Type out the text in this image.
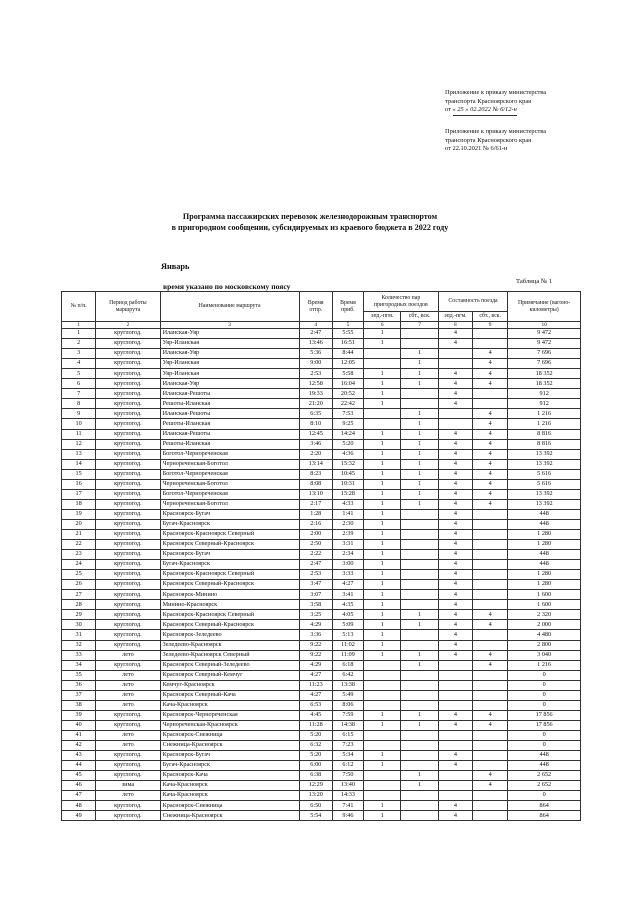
Приложение к приказу министерства
транспорта Красноярского края
от « 25 » 02.2022 № 6/12-н
Приложение к приказу министерства
транспорта Красноярского края
от 22.10.2021 № 6/61-н
Программа пассажирских перевозок железнодорожным транспортом
в пригородном сообщении, субсидируемых из краевого бюджета в 2022 году
Январь
Таблица № 1
время указано по московскому поясу
№ п/п.	Период работы маршрута	Наименование маршрута	Время отпр.	Время приб.	Количество пар пригородных поездов		Составность поезда		Примечание (вагоно-километры)
					эпд.-пгм.	сбт., вск.	эпд.-пгм.	сбт., вск.	
1	2	3	4	5	6	7	8	9	10
1	круглогод.	Иланская-Уяр	2:47	5:55	1		4		9 472
2	круглогод.	Уяр-Иланская	13:46	16:51	1		4		9 472
3	круглогод.	Иланская-Уяр	5:36	8:44		1		4	7 696
4	круглогод.	Уяр-Иланская	9:00	12:05		1		4	7 696
5	круглогод.	Уяр-Иланская	2:53	5:58	1	1	4	4	18 352
6	круглогод.	Иланская-Уяр	12:58	16:04	1	1	4	4	18 352
7	круглогод.	Иланская-Решоты	19:33	20:52	1		4		912
8	круглогод.	Решоты-Иланская	21:20	22:42	1		4		912
9	круглогод.	Иланская-Решоты	6:35	7:53		1		4	1 216
10	круглогод.	Решоты-Иланская	8:10	9:25		1		4	1 216
11	круглогод.	Иланская-Решоты	12:45	14:24	1	1	4	4	8 816
12	круглогод.	Решоты-Иланская	3:46	5:20	1	1	4	4	8 816
13	круглогод.	Боготол-Чернореченская	2:20	4:36	1	1	4	4	13 392
14	круглогод.	Чернореченская-Боготол	13:14	15:32	1	1	4	4	13 392
15	круглогод.	Боготол-Чернореченская	8:23	10:45	1	1	4	4	5 616
16	круглогод.	Чернореченская-Боготол	8:08	10:31	1	1	4	4	5 616
17	круглогод.	Боготол-Чернореченская	13:10	15:28	1	1	4	4	13 392
18	круглогод.	Чернореченская-Боготол	2:17	4:33	1	1	4	4	13 392
19	круглогод.	Красноярск-Бугач	1:28	1:41	1		4		448
20	круглогод.	Бугач-Красноярск	2:16	2:30	1		4		448
21	круглогод.	Красноярск-Красноярск Северный	2:00	2:39	1		4		1 280
22	круглогод.	Красноярск Северный-Красноярск	2:50	3:31	1		4		1 280
23	круглогод.	Красноярск-Бугач	2:22	2:34	1		4		448
24	круглогод.	Бугач-Красноярск	2:47	3:00	1		4		448
25	круглогод.	Красноярск-Красноярск Северный	2:53	3:33	1		4		1 280
26	круглогод.	Красноярск Северный-Красноярск	3:47	4:27	1		4		1 280
27	круглогод.	Красноярск-Минино	3:07	3:41	1		4		1 600
28	круглогод.	Минино-Красноярск	3:58	4:35	1		4		1 600
29	круглогод.	Красноярск-Красноярск Северный	3:25	4:05	1	1	4	4	2 320
30	круглогод.	Красноярск Северный-Красноярск	4:29	5:09	1	1	4	4	2 000
31	круглогод.	Красноярск-Зеледеево	3:36	5:13	1		4		4 480
32	круглогод.	Зеледеево-Красноярск	9:22	11:02	1		4		2 800
33	лето	Зеледеево-Красноярск Северный	9:22	11:09	1	1	4	4	3 040
34	круглогод.	Красноярск Северный-Зеледеево	4:29	6:18		1		4	1 216
35	лето	Красноярск Северный-Кемчуг	4:27	6:42					0
36	лето	Кемчуг-Красноярск	11:23	13:38					0
37	лето	Красноярск Северный-Кача	4:27	5:49					0
38	лето	Кача-Красноярск	6:53	8:06					0
39	круглогод.	Красноярск-Чернореченская	4:45	7:59	1	1	4	4	17 856
40	круглогод.	Чернореченская-Красноярск	11:28	14:38	1	1	4	4	17 856
41	лето	Красноярск-Снежница	5:20	6:15					0
42	лето	Снежница-Красноярск	6:32	7:23					0
43	круглогод.	Красноярск-Бугач	5:20	5:34	1		4		448
44	круглогод.	Бугач-Красноярск	6:00	6:12	1		4		448
45	круглогод.	Красноярск-Кача	6:38	7:50		1		4	2 652
46	зима	Кача-Красноярск	12:29	13:40		1		4	2 652
47	лето	Кача-Красноярск	13:20	14:33					0
48	круглогод.	Красноярск-Снежница	6:50	7:41	1		4		864
49	круглогод.	Снежница-Красноярск	5:54	9:46	1		4		864
